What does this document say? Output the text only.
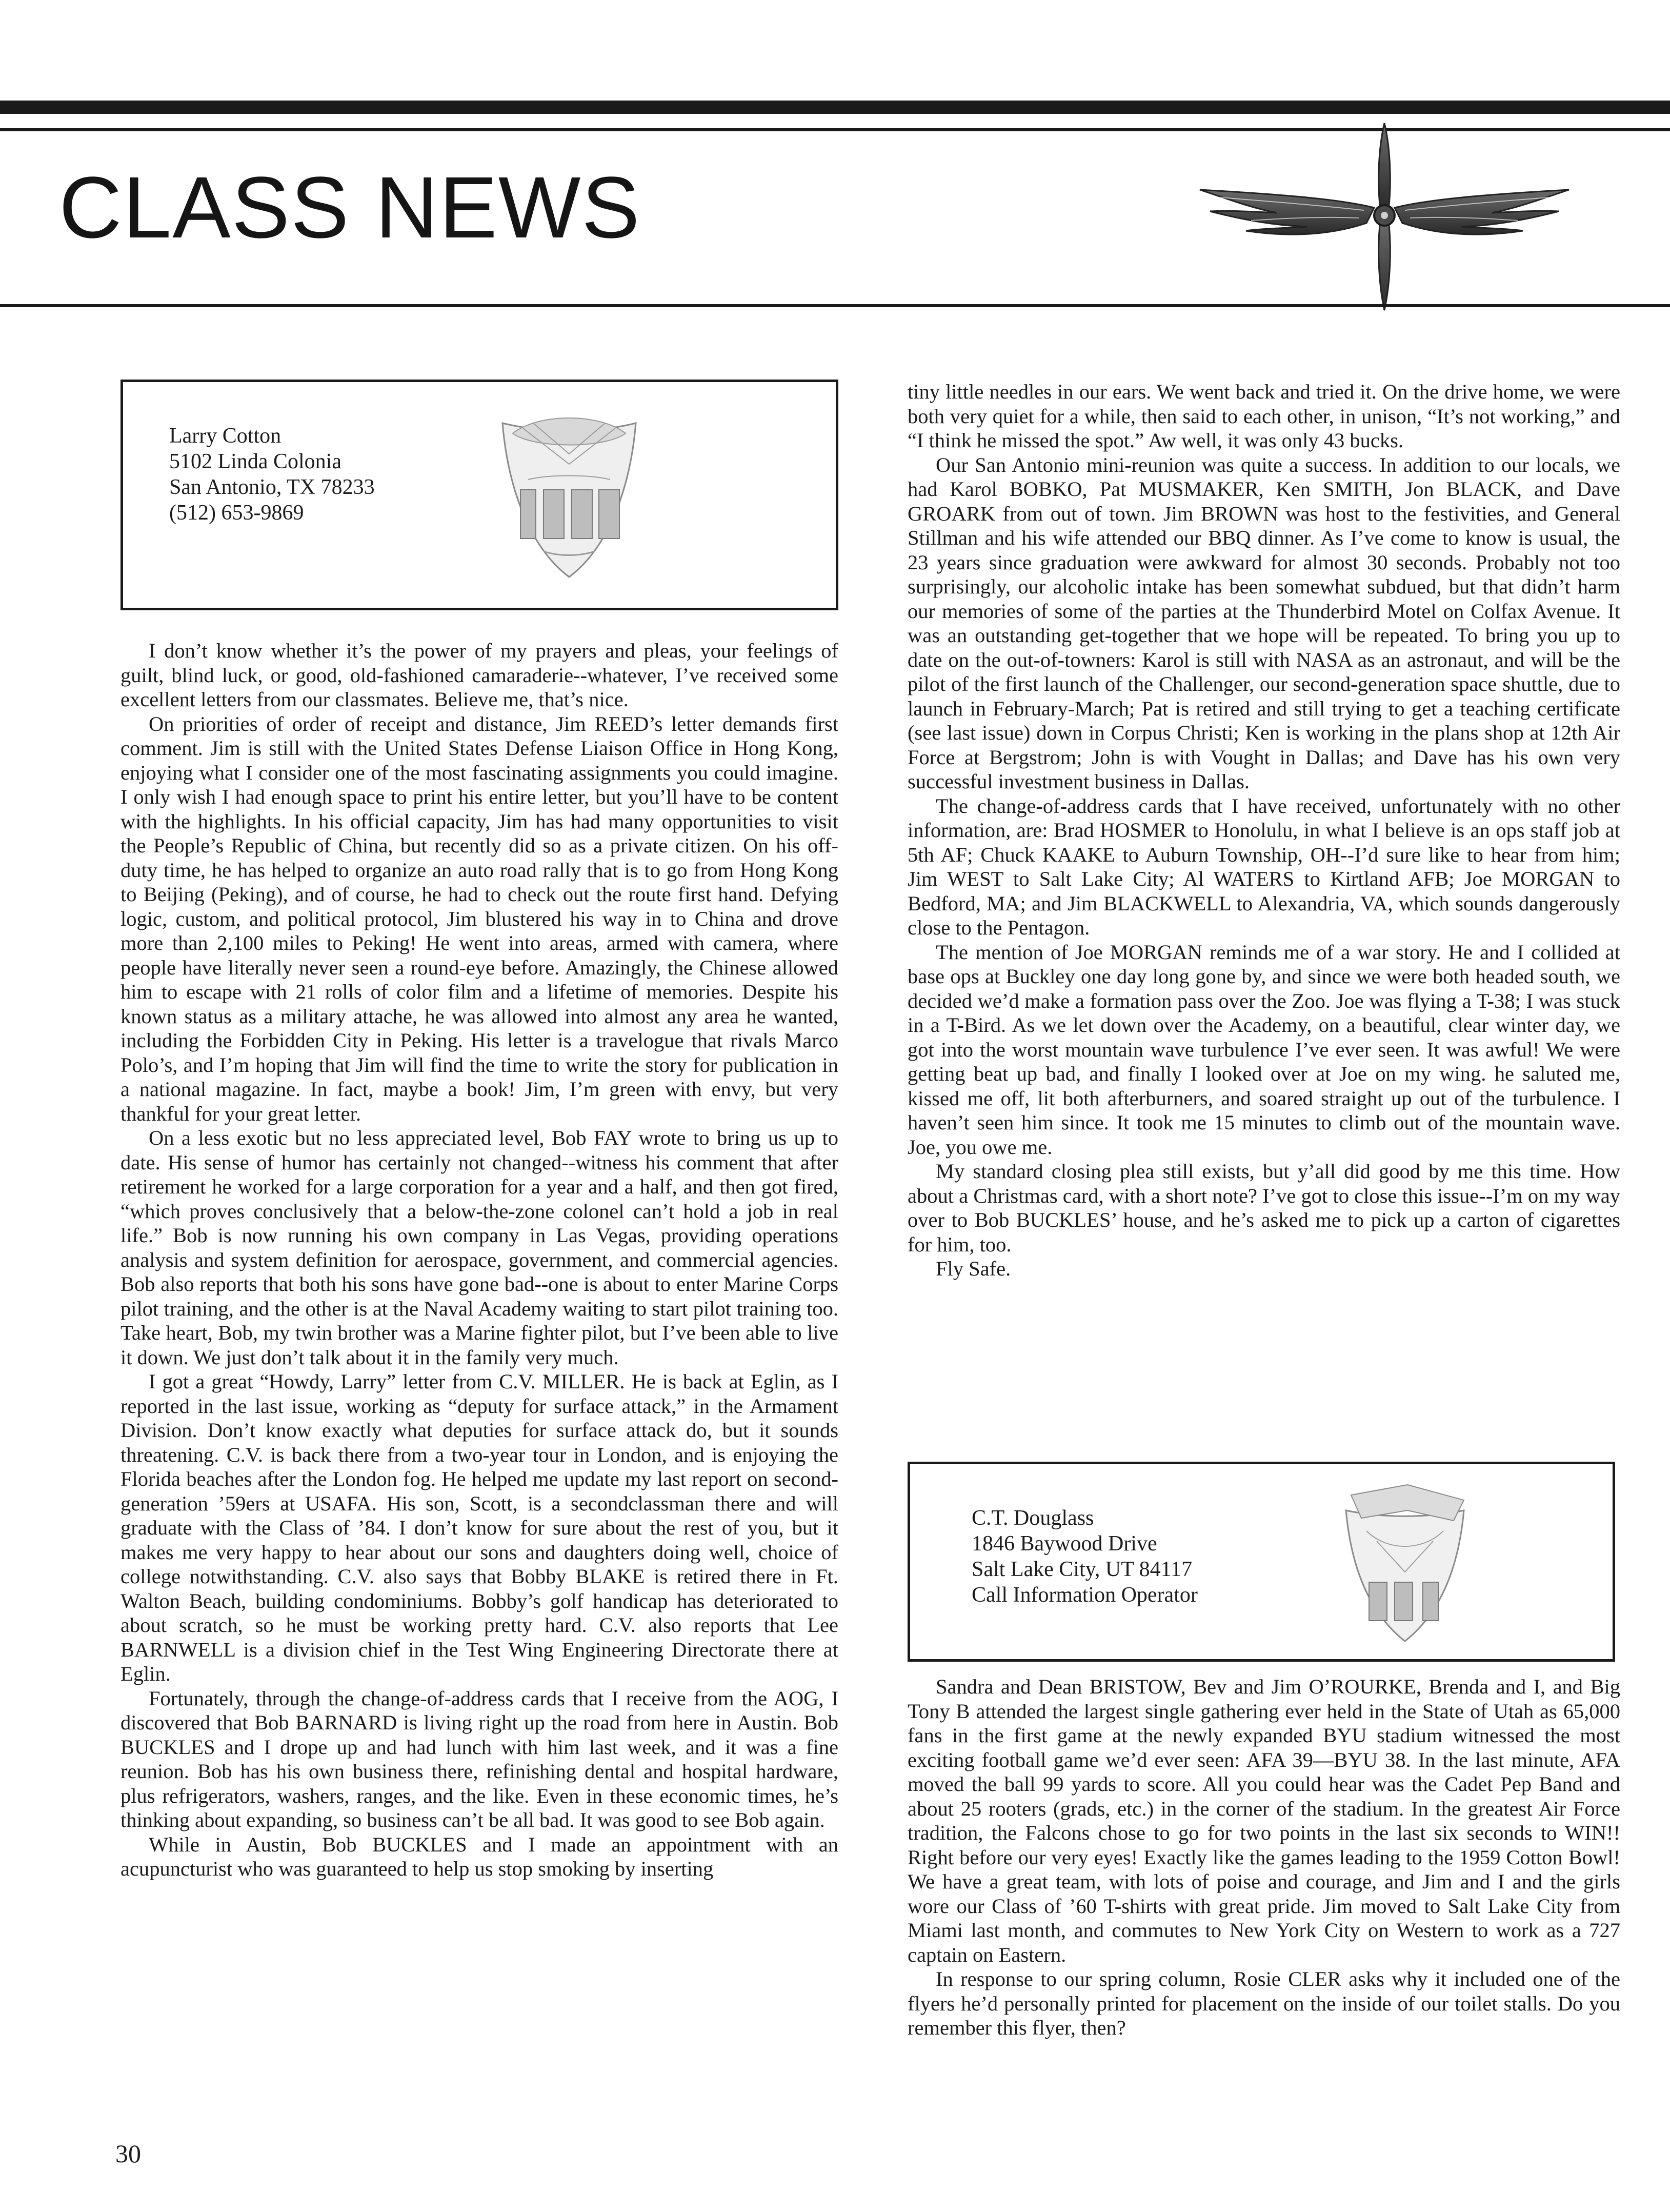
CLASS NEWS
Larry Cotton
5102 Linda Colonia
San Antonio, TX 78233
(512) 653-9869

I don’t know whether it’s the power of my prayers and pleas, your feelings of guilt, blind luck, or good, old-fashioned camaraderie--whatever, I’ve received some excellent letters from our classmates. Believe me, that’s nice.

On priorities of order of receipt and distance, Jim REED’s letter demands first comment. Jim is still with the United States Defense Liaison Office in Hong Kong, enjoying what I consider one of the most fascinating assignments you could imagine. I only wish I had enough space to print his entire letter, but you’ll have to be content with the highlights. In his official capacity, Jim has had many opportunities to visit the People’s Republic of China, but recently did so as a private citizen. On his off-duty time, he has helped to organize an auto road rally that is to go from Hong Kong to Beijing (Peking), and of course, he had to check out the route first hand. Defying logic, custom, and political protocol, Jim blustered his way in to China and drove more than 2,100 miles to Peking! He went into areas, armed with camera, where people have literally never seen a round-eye before. Amazingly, the Chinese allowed him to escape with 21 rolls of color film and a lifetime of memories. Despite his known status as a military attache, he was allowed into almost any area he wanted, including the Forbidden City in Peking. His letter is a travelogue that rivals Marco Polo’s, and I’m hoping that Jim will find the time to write the story for publication in a national magazine. In fact, maybe a book! Jim, I’m green with envy, but very thankful for your great letter.

On a less exotic but no less appreciated level, Bob FAY wrote to bring us up to date. His sense of humor has certainly not changed--witness his comment that after retirement he worked for a large corporation for a year and a half, and then got fired, “which proves conclusively that a below-the-zone colonel can’t hold a job in real life.” Bob is now running his own company in Las Vegas, providing operations analysis and system definition for aerospace, government, and commercial agencies. Bob also reports that both his sons have gone bad--one is about to enter Marine Corps pilot training, and the other is at the Naval Academy waiting to start pilot training too. Take heart, Bob, my twin brother was a Marine fighter pilot, but I’ve been able to live it down. We just don’t talk about it in the family very much.

I got a great “Howdy, Larry” letter from C.V. MILLER. He is back at Eglin, as I reported in the last issue, working as “deputy for surface attack,” in the Armament Division. Don’t know exactly what deputies for surface attack do, but it sounds threatening. C.V. is back there from a two-year tour in London, and is enjoying the Florida beaches after the London fog. He helped me update my last report on second-generation ’59ers at USAFA. His son, Scott, is a secondclassman there and will graduate with the Class of ’84. I don’t know for sure about the rest of you, but it makes me very happy to hear about our sons and daughters doing well, choice of college notwithstanding. C.V. also says that Bobby BLAKE is retired there in Ft. Walton Beach, building condominiums. Bobby’s golf handicap has deteriorated to about scratch, so he must be working pretty hard. C.V. also reports that Lee BARNWELL is a division chief in the Test Wing Engineering Directorate there at Eglin.

Fortunately, through the change-of-address cards that I receive from the AOG, I discovered that Bob BARNARD is living right up the road from here in Austin. Bob BUCKLES and I drope up and had lunch with him last week, and it was a fine reunion. Bob has his own business there, refinishing dental and hospital hardware, plus refrigerators, washers, ranges, and the like. Even in these economic times, he’s thinking about expanding, so business can’t be all bad. It was good to see Bob again.

While in Austin, Bob BUCKLES and I made an appointment with an acupuncturist who was guaranteed to help us stop smoking by inserting

tiny little needles in our ears. We went back and tried it. On the drive home, we were both very quiet for a while, then said to each other, in unison, “It’s not working,” and “I think he missed the spot.” Aw well, it was only 43 bucks.

Our San Antonio mini-reunion was quite a success. In addition to our locals, we had Karol BOBKO, Pat MUSMAKER, Ken SMITH, Jon BLACK, and Dave GROARK from out of town. Jim BROWN was host to the festivities, and General Stillman and his wife attended our BBQ dinner. As I’ve come to know is usual, the 23 years since graduation were awkward for almost 30 seconds. Probably not too surprisingly, our alcoholic intake has been somewhat subdued, but that didn’t harm our memories of some of the parties at the Thunderbird Motel on Colfax Avenue. It was an outstanding get-together that we hope will be repeated. To bring you up to date on the out-of-towners: Karol is still with NASA as an astronaut, and will be the pilot of the first launch of the Challenger, our second-generation space shuttle, due to launch in February-March; Pat is retired and still trying to get a teaching certificate (see last issue) down in Corpus Christi; Ken is working in the plans shop at 12th Air Force at Bergstrom; John is with Vought in Dallas; and Dave has his own very successful investment business in Dallas.

The change-of-address cards that I have received, unfortunately with no other information, are: Brad HOSMER to Honolulu, in what I believe is an ops staff job at 5th AF; Chuck KAAKE to Auburn Township, OH--I’d sure like to hear from him; Jim WEST to Salt Lake City; Al WATERS to Kirtland AFB; Joe MORGAN to Bedford, MA; and Jim BLACKWELL to Alexandria, VA, which sounds dangerously close to the Pentagon.

The mention of Joe MORGAN reminds me of a war story. He and I collided at base ops at Buckley one day long gone by, and since we were both headed south, we decided we’d make a formation pass over the Zoo. Joe was flying a T-38; I was stuck in a T-Bird. As we let down over the Academy, on a beautiful, clear winter day, we got into the worst mountain wave turbulence I’ve ever seen. It was awful! We were getting beat up bad, and finally I looked over at Joe on my wing. he saluted me, kissed me off, lit both afterburners, and soared straight up out of the turbulence. I haven’t seen him since. It took me 15 minutes to climb out of the mountain wave. Joe, you owe me.

My standard closing plea still exists, but y’all did good by me this time. How about a Christmas card, with a short note? I’ve got to close this issue--I’m on my way over to Bob BUCKLES’ house, and he’s asked me to pick up a carton of cigarettes for him, too.

Fly Safe.

C.T. Douglass
1846 Baywood Drive
Salt Lake City, UT 84117
Call Information Operator

Sandra and Dean BRISTOW, Bev and Jim O’ROURKE, Brenda and I, and Big Tony B attended the largest single gathering ever held in the State of Utah as 65,000 fans in the first game at the newly expanded BYU stadium witnessed the most exciting football game we’d ever seen: AFA 39—BYU 38. In the last minute, AFA moved the ball 99 yards to score. All you could hear was the Cadet Pep Band and about 25 rooters (grads, etc.) in the corner of the stadium. In the greatest Air Force tradition, the Falcons chose to go for two points in the last six seconds to WIN!! Right before our very eyes! Exactly like the games leading to the 1959 Cotton Bowl! We have a great team, with lots of poise and courage, and Jim and I and the girls wore our Class of ’60 T-shirts with great pride. Jim moved to Salt Lake City from Miami last month, and commutes to New York City on Western to work as a 727 captain on Eastern.

In response to our spring column, Rosie CLER asks why it included one of the flyers he’d personally printed for placement on the inside of our toilet stalls. Do you remember this flyer, then?

30
